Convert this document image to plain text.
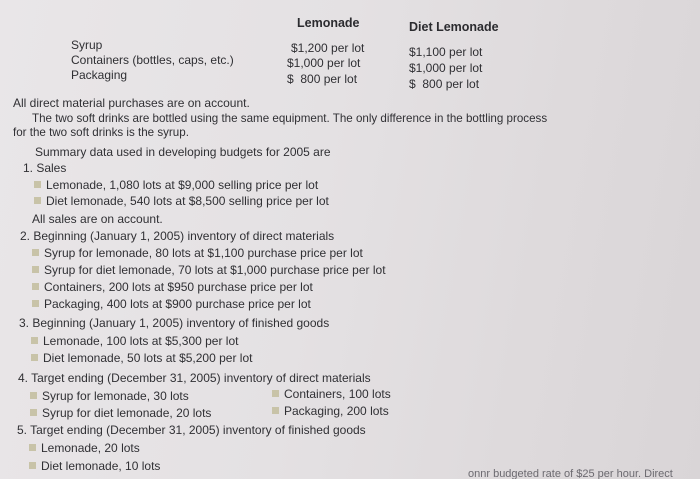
Lemonade	Diet Lemonade
Syrup
Containers (bottles, caps, etc.)
Packaging
$1,200 per lot
$1,000 per lot
$  800 per lot
$1,100 per lot
$1,000 per lot
$  800 per lot
All direct material purchases are on account.
The two soft drinks are bottled using the same equipment. The only difference in the bottling process
for the two soft drinks is the syrup.
Summary data used in developing budgets for 2005 are
1. Sales
Lemonade, 1,080 lots at $9,000 selling price per lot
Diet lemonade, 540 lots at $8,500 selling price per lot
All sales are on account.
2. Beginning (January 1, 2005) inventory of direct materials
Syrup for lemonade, 80 lots at $1,100 purchase price per lot
Syrup for diet lemonade, 70 lots at $1,000 purchase price per lot
Containers, 200 lots at $950 purchase price per lot
Packaging, 400 lots at $900 purchase price per lot
3. Beginning (January 1, 2005) inventory of finished goods
Lemonade, 100 lots at $5,300 per lot
Diet lemonade, 50 lots at $5,200 per lot
4. Target ending (December 31, 2005) inventory of direct materials
Syrup for lemonade, 30 lots
Syrup for diet lemonade, 20 lots
Containers, 100 lots
Packaging, 200 lots
5. Target ending (December 31, 2005) inventory of finished goods
Lemonade, 20 lots
Diet lemonade, 10 lots
onnr budgeted rate of $25 per hour. Direct
